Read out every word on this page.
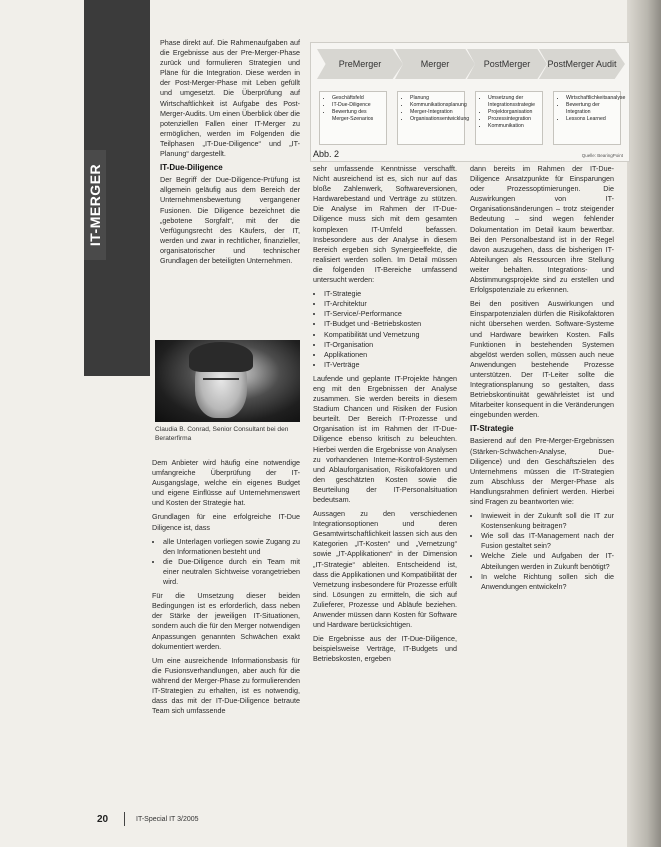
IT-MERGER

Phase direkt auf. Die Rahmenaufgaben auf die Ergebnisse aus der Pre-Merger-Phase zurück und formulieren Strategien und Pläne für die Integration. Diese werden in der Post-Merger-Phase mit Leben gefüllt und umgesetzt. Die Überprüfung auf Wirtschaftlichkeit ist Aufgabe des Post-Merger-Audits. Um einen Überblick über die potenziellen Fallen einer IT-Merger zu ermöglichen, werden im Folgenden die Teilphasen „IT-Due-Diligence“ und „IT-Planung“ dargestellt.

IT-Due-Diligence

Der Begriff der Due-Diligence-Prüfung ist allgemein geläufig aus dem Bereich der Unternehmensbewertung vergangener Fusionen. Die Diligence bezeichnet die „gebotene Sorgfalt“, mit der die Verfügungsrecht des Käufers, der IT, werden und zwar in rechtlicher, finanzieller, organisatorischer und technischer Grundlagen der beteiligten Unternehmen.

Claudia B. Conrad, Senior Consultant bei den Beraterfirma

Dem Anbieter wird häufig eine notwendige umfangreiche Überprüfung der IT-Ausgangslage, welche ein eigenes Budget und eigene Einflüsse auf Unternehmenswert und Kosten der Strategie hat.

Grundlagen für eine erfolgreiche IT-Due Diligence ist, dass

• alle Unterlagen vorliegen sowie Zugang zu den Informationen besteht und
• die Due-Diligence durch ein Team mit einer neutralen Sichtweise vorangetrieben wird.

Für die Umsetzung dieser beiden Bedingungen ist es erforderlich, dass neben der Stärke der jeweiligen IT-Situationen, sondern auch die für den Merger notwendigen Anpassungen genannten Schwächen exakt dokumentiert werden.

Um eine ausreichende Informationsbasis für die Fusionsverhandlungen, aber auch für die während der Merger-Phase zu formulierenden IT-Strategien zu erhalten, ist es notwendig, dass das mit der IT-Due-Diligence betraute Team sich umfassende

PreMerger	Merger	PostMerger	PostMerger Audit
• Geschäftsfeld
• IT-Due-Diligence
• Bewertung des Merger-Szenarios
• Planung
• Kommunikationsplanung
• Merger-Integration
• Organisationsentwicklung
• Umsetzung der Integrationsstrategie
• Projektorganisation
• Prozessintegration
• Kommunikation
• Wirtschaftlichkeitsanalyse
• Bewertung der Integration
• Lessons Learned
Abb. 2	Quelle: BearingPoint

sehr umfassende Kenntnisse verschafft. Nicht ausreichend ist es, sich nur auf das bloße Zahlenwerk, Softwareversionen, Hardwarebestand und Verträge zu stützen. Die Analyse im Rahmen der IT-Due-Diligence muss sich mit dem gesamten komplexen IT-Umfeld befassen. Insbesondere aus der Analyse in diesem Bereich ergeben sich Synergieeffekte, die realisiert werden sollen. Im Detail müssen die folgenden IT-Bereiche umfassend untersucht werden:

• IT-Strategie
• IT-Architektur
• IT-Service/-Performance
• IT-Budget und -Betriebskosten
• Kompatibilität und Vernetzung
• IT-Organisation
• Applikationen
• IT-Verträge

Laufende und geplante IT-Projekte hängen eng mit den Ergebnissen der Analyse zusammen. Sie werden bereits in diesem Stadium Chancen und Risiken der Fusion beurteilt. Der Bereich IT-Prozesse und Organisation ist im Rahmen der IT-Due-Diligence ebenso kritisch zu beleuchten. Hierbei werden die Ergebnisse von Analysen zu vorhandenen Interne-Kontroll-Systemen und Ablauforganisation, Risikofaktoren und den geschätzten Kosten sowie die Beurteilung der IT-Personalsituation bedeutsam.

Aussagen zu den verschiedenen Integrationsoptionen und deren Gesamtwirtschaftlichkeit lassen sich aus den Kategorien „IT-Kosten“ und „Vernetzung“ sowie „IT-Applikationen“ in der Dimension „IT-Strategie“ ableiten. Entscheidend ist, dass die Applikationen und Kompatibilität der Vernetzung insbesondere für Prozesse erfüllt sind. Lösungen zu ermitteln, die sich auf Zulieferer, Prozesse und Abläufe beziehen. Anwender müssen dann Kosten für Software und Hardware berücksichtigen.

Die Ergebnisse aus der IT-Due-Diligence, beispielsweise Verträge, IT-Budgets und Betriebskosten, ergeben

dann bereits im Rahmen der IT-Due-Diligence Ansatzpunkte für Einsparungen oder Prozessoptimierungen. Die Auswirkungen von IT-Organisationsänderungen – trotz steigender Bedeutung – sind wegen fehlender Dokumentation im Detail kaum bewertbar. Bei den Personalbestand ist in der Regel davon auszugehen, dass die bisherigen IT-Abteilungen als Ressourcen ihre Stellung weiter behalten. Integrations- und Abstimmungsprojekte sind zu erstellen und Erfolgspotenziale zu erkennen.

Bei den positiven Auswirkungen und Einsparpotenzialen dürfen die Risikofaktoren nicht übersehen werden. Software-Systeme und Hardware bewirken Kosten. Falls Funktionen in bestehenden Systemen abgelöst werden sollen, müssen auch neue Anwendungen bestehende Prozesse unterstützen. Der IT-Leiter sollte die Integrationsplanung so gestalten, dass Betriebskontinuität gewährleistet ist und Mitarbeiter konsequent in die Veränderungen eingebunden werden.

IT-Strategie

Basierend auf den Pre-Merger-Ergebnissen (Stärken-Schwächen-Analyse, Due-Diligence) und den Geschäftszielen des Unternehmens müssen die IT-Strategien zum Abschluss der Merger-Phase als Handlungsrahmen definiert werden. Hierbei sind Fragen zu beantworten wie:

• Inwieweit in der Zukunft soll die IT zur Kostensenkung beitragen?
• Wie soll das IT-Management nach der Fusion gestaltet sein?
• Welche Ziele und Aufgaben der IT-Abteilungen werden in Zukunft benötigt?
• In welche Richtung sollen sich die Anwendungen entwickeln?
20	IT-Special IT 3/2005
